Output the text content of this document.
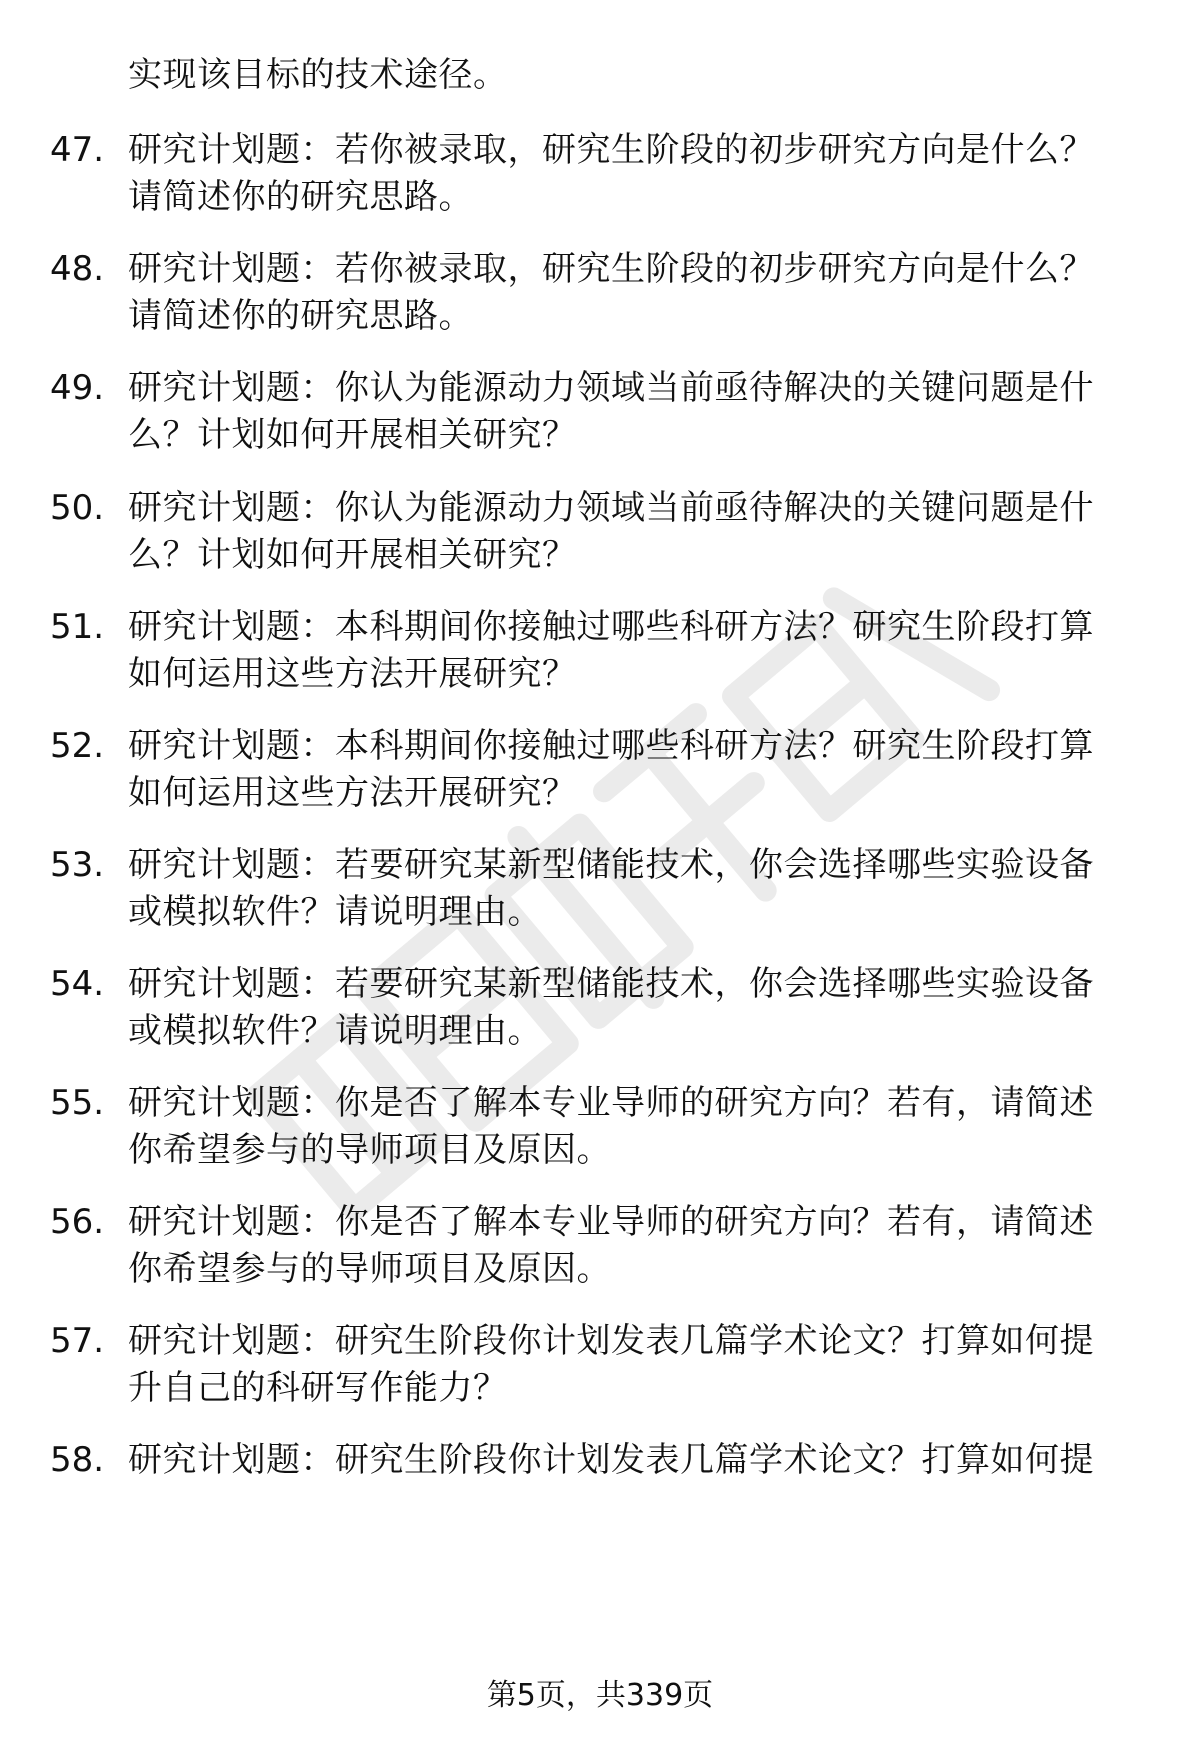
实现该目标的技术途径。
47. 研究计划题：若你被录取，研究生阶段的初步研究方向是什么？
请简述你的研究思路。
48. 研究计划题：若你被录取，研究生阶段的初步研究方向是什么？
请简述你的研究思路。
49. 研究计划题：你认为能源动力领域当前亟待解决的关键问题是什
么？计划如何开展相关研究？
50. 研究计划题：你认为能源动力领域当前亟待解决的关键问题是什
么？计划如何开展相关研究？
51. 研究计划题：本科期间你接触过哪些科研方法？研究生阶段打算
如何运用这些方法开展研究？
52. 研究计划题：本科期间你接触过哪些科研方法？研究生阶段打算
如何运用这些方法开展研究？
53. 研究计划题：若要研究某新型储能技术，你会选择哪些实验设备
或模拟软件？请说明理由。
54. 研究计划题：若要研究某新型储能技术，你会选择哪些实验设备
或模拟软件？请说明理由。
55. 研究计划题：你是否了解本专业导师的研究方向？若有，请简述
你希望参与的导师项目及原因。
56. 研究计划题：你是否了解本专业导师的研究方向？若有，请简述
你希望参与的导师项目及原因。
57. 研究计划题：研究生阶段你计划发表几篇学术论文？打算如何提
升自己的科研写作能力？
58. 研究计划题：研究生阶段你计划发表几篇学术论文？打算如何提
第5页，共339页
